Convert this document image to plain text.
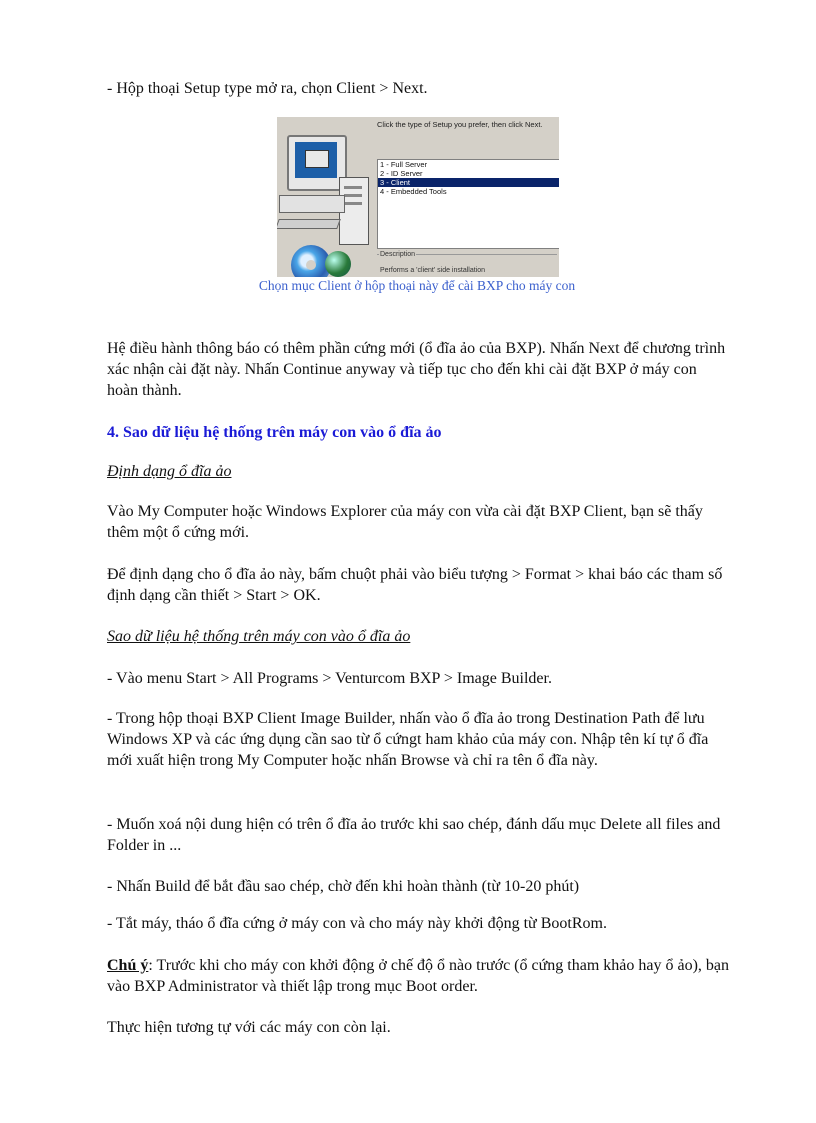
- Hộp thoại Setup type mở ra, chọn Client > Next.

Click the type of Setup you prefer, then click Next.
1 - Full Server
2 - ID Server
3 - Client
4 - Embedded Tools
Description
Performs a 'client' side installation
Chọn mục Client ở hộp thoại này để cài BXP cho máy con

Hệ điều hành thông báo có thêm phần cứng mới (ổ đĩa ảo của BXP). Nhấn Next để chương trình xác nhận cài đặt này. Nhấn Continue anyway và tiếp tục cho đến khi cài đặt BXP ở máy con hoàn thành.

4. Sao dữ liệu hệ thống trên máy con vào ổ đĩa ảo

Định dạng ổ đĩa ảo

Vào My Computer hoặc Windows Explorer của máy con vừa cài đặt BXP Client, bạn sẽ thấy thêm một ổ cứng mới.

Để định dạng cho ổ đĩa ảo này, bấm chuột phải vào biểu tượng > Format > khai báo các tham số định dạng cần thiết > Start > OK.

Sao dữ liệu hệ thống trên máy con vào ổ đĩa ảo

- Vào menu Start > All Programs > Venturcom BXP > Image Builder.

- Trong hộp thoại BXP Client Image Builder, nhấn vào ổ đĩa ảo trong Destination Path để lưu Windows XP và các ứng dụng cần sao từ ổ cứngt ham khảo của máy con. Nhập tên kí tự ổ đĩa mới xuất hiện trong My Computer hoặc nhấn Browse và chỉ ra tên ổ đĩa này.

- Muốn xoá nội dung hiện có trên ổ đĩa ảo trước khi sao chép, đánh dấu mục Delete all files and Folder in ...

- Nhấn Build để bắt đầu sao chép, chờ đến khi hoàn thành (từ 10-20 phút)

- Tắt máy, tháo ổ đĩa cứng ở máy con và cho máy này khởi động từ BootRom.

Chú ý: Trước khi cho máy con khởi động ở chế độ ổ nào trước (ổ cứng tham khảo hay ổ ảo), bạn vào BXP Administrator và thiết lập trong mục Boot order.

Thực hiện tương tự với các máy con còn lại.
